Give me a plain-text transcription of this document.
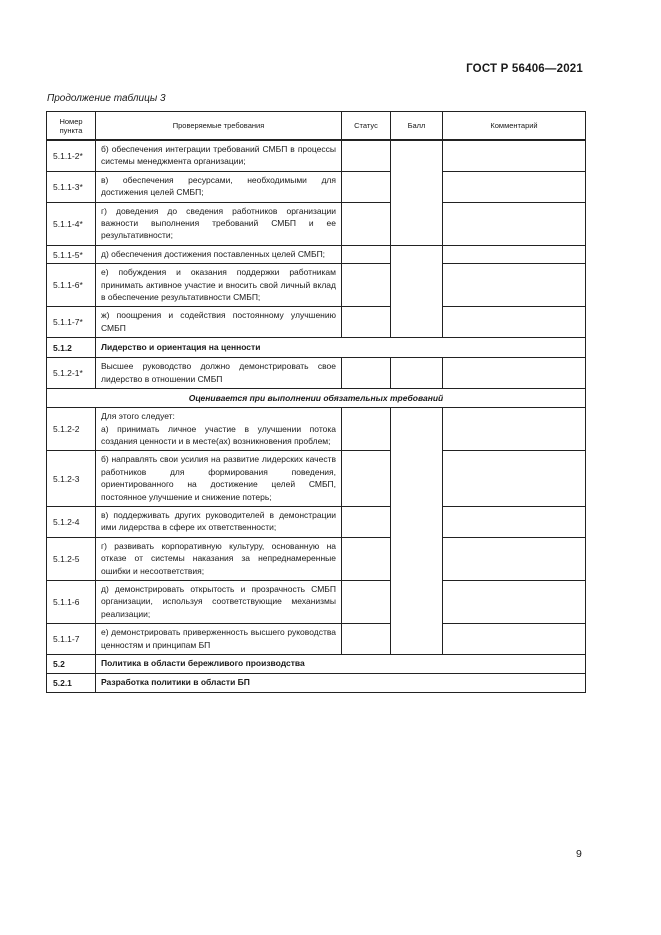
ГОСТ Р 56406—2021
Продолжение таблицы 3
Номер пункта	Проверяемые требования	Статус	Балл	Комментарий
5.1.1-2*	б) обеспечения интеграции требований СМБП в процессы системы менеджмента организации;			
5.1.1-3*	в) обеспечения ресурсами, необходимыми для достижения целей СМБП;			
5.1.1-4*	г) доведения до сведения работников организации важности выполнения требований СМБП и ее результативности;			
5.1.1-5*	д) обеспечения достижения поставленных целей СМБП;			
5.1.1-6*	е) побуждения и оказания поддержки работникам принимать активное участие и вносить свой личный вклад в обеспечение результативности СМБП;			
5.1.1-7*	ж) поощрения и содействия постоянному улучшению СМБП			
5.1.2	Лидерство и ориентация на ценности			
5.1.2-1*	Высшее руководство должно демонстрировать свое лидерство в отношении СМБП			
Оценивается при выполнении обязательных требований				
5.1.2-2	Для этого следует:
а) принимать личное участие в улучшении потока создания ценности и в месте(ах) возникновения проблем;			

5.1.2-3	б) направлять свои усилия на развитие лидерских качеств работников для формирования поведения, ориентированного на достижение целей СМБП, постоянное улучшение и снижение потерь;			
5.1.2-4	в) поддерживать других руководителей в демонстрации ими лидерства в сфере их ответственности;			
5.1.2-5	г) развивать корпоративную культуру, основанную на отказе от системы наказания за непреднамеренные ошибки и несоответствия;			
5.1.1-6	д) демонстрировать открытость и прозрачность СМБП организации, используя соответствующие механизмы реализации;			
5.1.1-7	е) демонстрировать приверженность высшего руководства ценностям и принципам БП			
5.2	Политика в области бережливого производства			
5.2.1	Разработка политики в области БП			
9
